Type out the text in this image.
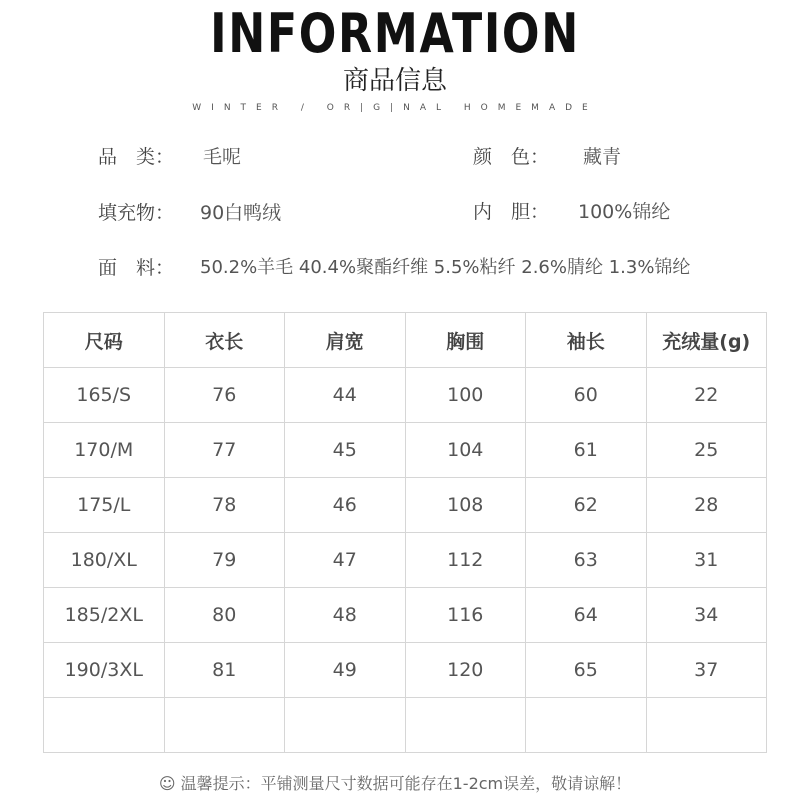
INFORMATION
商品信息
WINTER / OR|G|NAL HOMEMADE
品　类： 毛呢	颜　色： 藏青
填充物： 90白鸭绒	内　胆： 100%锦纶
面　料： 50.2%羊毛 40.4%聚酯纤维 5.5%粘纤 2.6%腈纶 1.3%锦纶
尺码	衣长	肩宽	胸围	袖长	充绒量(g)
165/S	76	44	100	60	22
170/M	77	45	104	61	25
175/L	78	46	108	62	28
180/XL	79	47	112	63	31
185/2XL	80	48	116	64	34
190/3XL	81	49	120	65	37

☺ 温馨提示：平铺测量尺寸数据可能存在1-2cm误差，敬请谅解！
